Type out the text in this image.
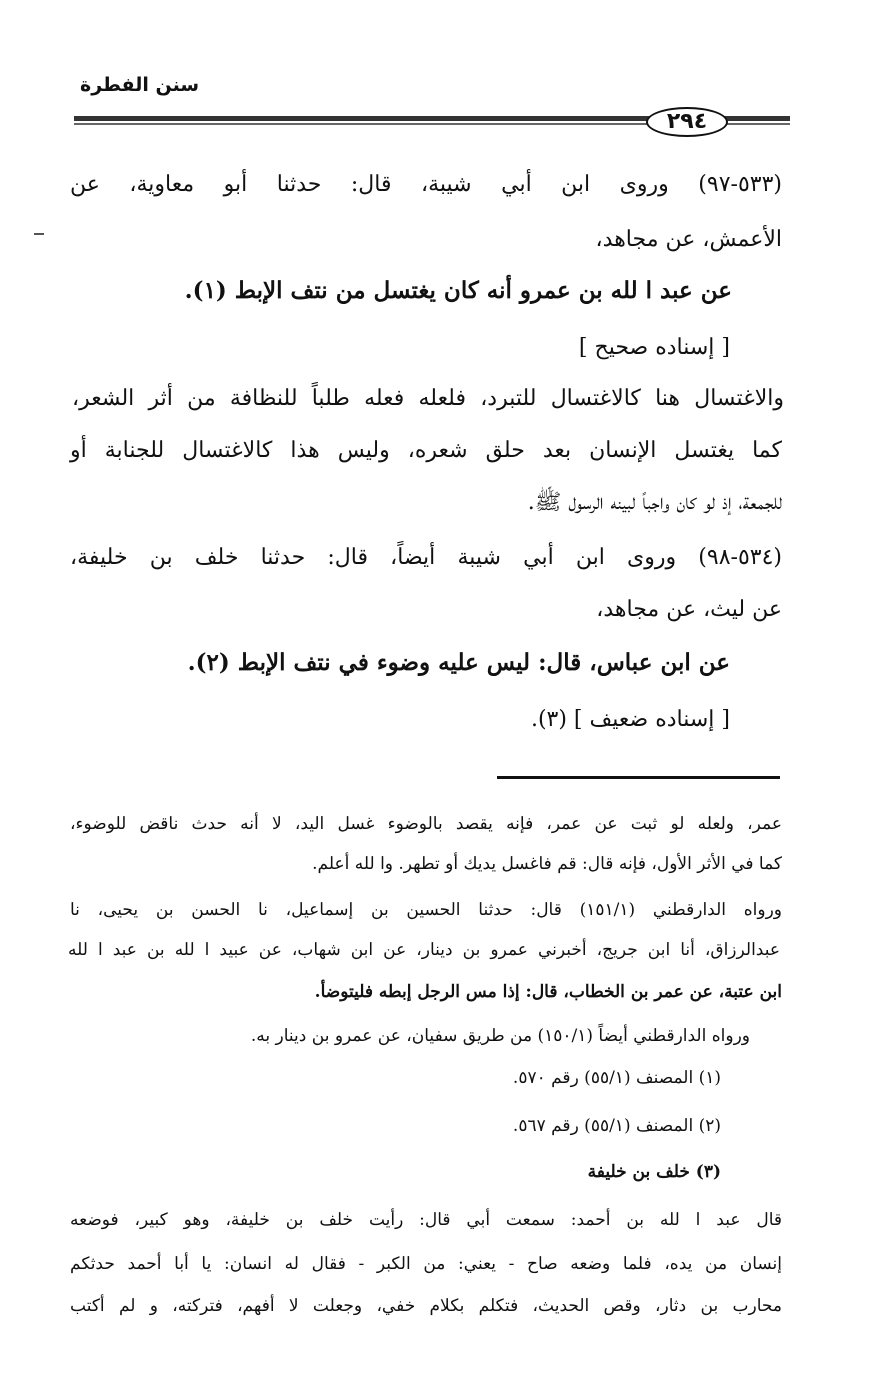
سنن الفطرة
٢٩٤
(٥٣٣-٩٧) وروى ابن أبي شيبة، قال: حدثنا أبو معاوية، عن
الأعمش، عن مجاهد،
عن عبد ا لله بن عمرو أنه كان يغتسل من نتف الإبط (١).
[ إسناده صحيح ]
والاغتسال هنا كالاغتسال للتبرد، فلعله فعله طلباً للنظافة من أثر الشعر،
كما يغتسل الإنسان بعد حلق شعره، وليس هذا كالاغتسال للجنابة أو
للجمعة، إذ لو كان واجباً لبينه الرسول ﷺ.
(٥٣٤-٩٨) وروى ابن أبي شيبة أيضاً، قال: حدثنا خلف بن خليفة،
عن ليث، عن مجاهد،
عن ابن عباس، قال: ليس عليه وضوء في نتف الإبط (٢).
[ إسناده ضعيف ] (٣).
عمر، ولعله لو ثبت عن عمر، فإنه يقصد بالوضوء غسل اليد، لا أنه حدث ناقض للوضوء،
كما في الأثر الأول، فإنه قال: قم فاغسل يديك أو تطهر. وا لله أعلم.
ورواه الدارقطني (١٥١/١) قال: حدثنا الحسين بن إسماعيل، نا الحسن بن يحيى، نا
عبدالرزاق، أنا ابن جريج، أخبرني عمرو بن دينار، عن ابن شهاب، عن عبيد ا لله بن عبد ا لله
ابن عتبة، عن عمر بن الخطاب، قال: إذا مس الرجل إبطه فليتوضأ.
ورواه الدارقطني أيضاً (١٥٠/١) من طريق سفيان، عن عمرو بن دينار به.
(١) المصنف (٥٥/١) رقم ٥٧٠.
(٢) المصنف (٥٥/١) رقم ٥٦٧.
(٣) خلف بن خليفة
قال عبد ا لله بن أحمد: سمعت أبي قال: رأيت خلف بن خليفة، وهو كبير، فوضعه
إنسان من يده، فلما وضعه صاح - يعني: من الكبر - فقال له انسان: يا أبا أحمد حدثكم
محارب بن دثار، وقص الحديث، فتكلم بكلام خفي، وجعلت لا أفهم، فتركته، و لم أكتب
